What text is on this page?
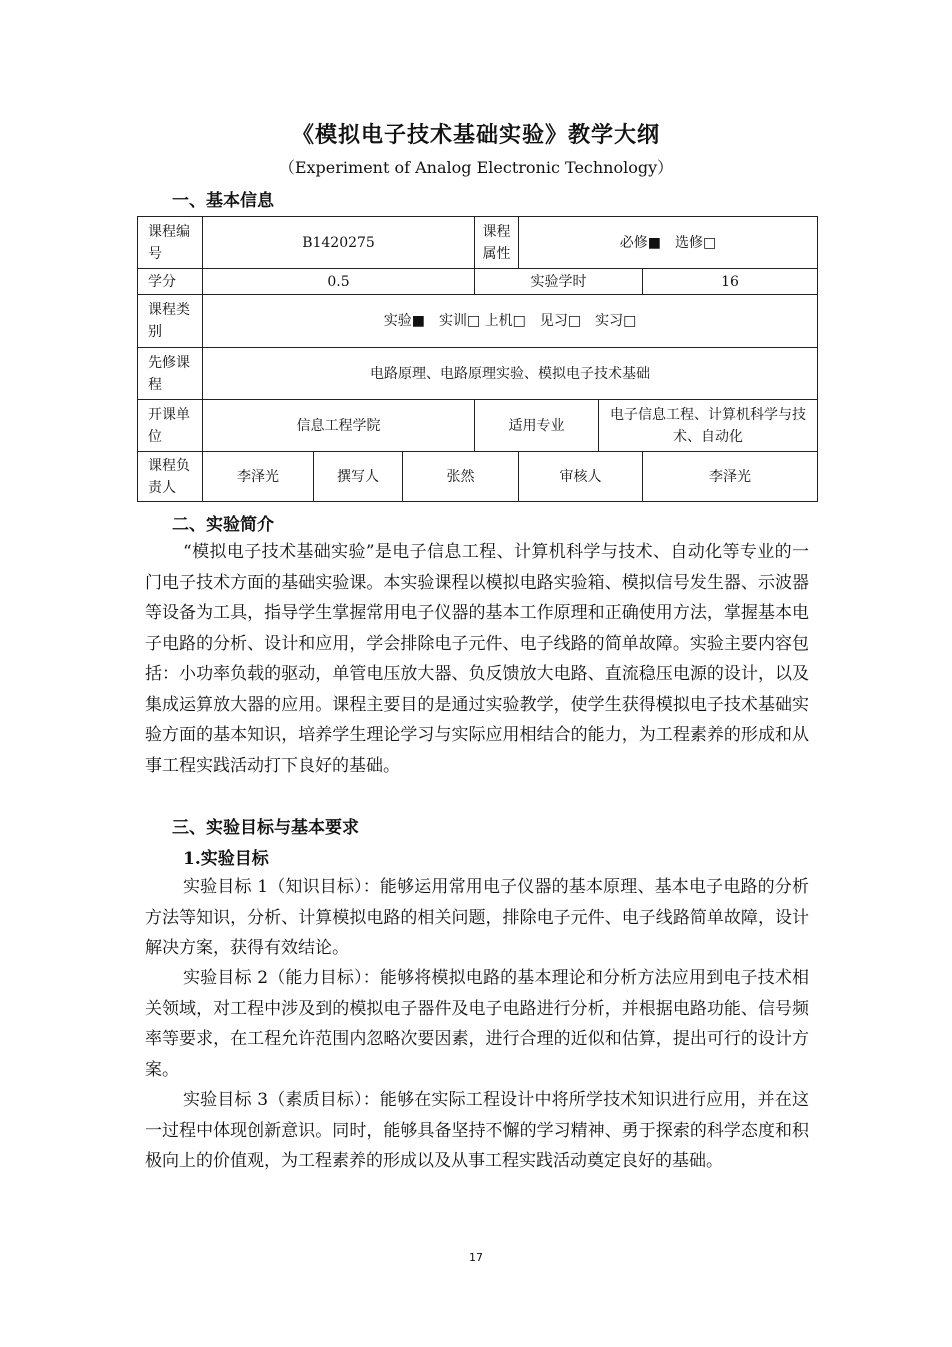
《模拟电子技术基础实验》教学大纲
（Experiment of Analog Electronic Technology）
一、基本信息
课程编号	B1420275			课程属性	必修■　选修□		
学分	0.5			实验学时			16
课程类别	实验■　实训□ 上机□　见习□　实习□						
先修课程	电路原理、电路原理实验、模拟电子技术基础						
开课单位	信息工程学院			适用专业		电子信息工程、计算机科学与技术、自动化	
课程负责人	李泽光	撰写人	张然		审核人		李泽光
二、实验简介

“模拟电子技术基础实验”是电子信息工程、计算机科学与技术、自动化等专业的一门电子技术方面的基础实验课。本实验课程以模拟电路实验箱、模拟信号发生器、示波器等设备为工具，指导学生掌握常用电子仪器的基本工作原理和正确使用方法，掌握基本电子电路的分析、设计和应用，学会排除电子元件、电子线路的简单故障。实验主要内容包括：小功率负载的驱动，单管电压放大器、负反馈放大电路、直流稳压电源的设计，以及集成运算放大器的应用。课程主要目的是通过实验教学，使学生获得模拟电子技术基础实验方面的基本知识，培养学生理论学习与实际应用相结合的能力，为工程素养的形成和从事工程实践活动打下良好的基础。

三、实验目标与基本要求
1.实验目标

实验目标 1（知识目标）：能够运用常用电子仪器的基本原理、基本电子电路的分析方法等知识，分析、计算模拟电路的相关问题，排除电子元件、电子线路简单故障，设计解决方案，获得有效结论。

实验目标 2（能力目标）：能够将模拟电路的基本理论和分析方法应用到电子技术相关领域，对工程中涉及到的模拟电子器件及电子电路进行分析，并根据电路功能、信号频率等要求，在工程允许范围内忽略次要因素，进行合理的近似和估算，提出可行的设计方案。

实验目标 3（素质目标）：能够在实际工程设计中将所学技术知识进行应用，并在这一过程中体现创新意识。同时，能够具备坚持不懈的学习精神、勇于探索的科学态度和积极向上的价值观，为工程素养的形成以及从事工程实践活动奠定良好的基础。

17
